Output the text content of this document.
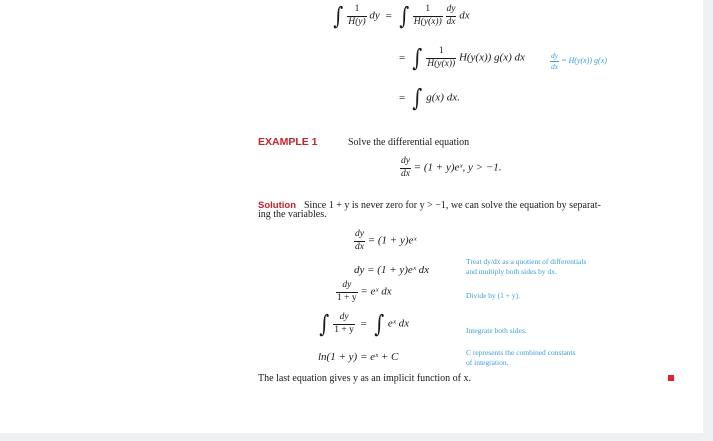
∫ $\frac{1}{H(y)}$ dy = ∫ $\frac{1}{H(y(x))}$
$\frac{dy}{dx}$ dx
= ∫ $\frac{1}{H(y(x))} H(y(x))$ g(x) dx	$\frac{dy}{dx} = H(y(x))$ g(x)
= ∫ g(x) dx.
EXAMPLE 1	Solve the differential equation
$\frac{dy}{dx} = (1$ + y)eˣ, y > −1.
Solution Since 1 + y is never zero for y > −1, we can solve the equation by separat-
ing the variables.
$\frac{dy}{dx} = (1$ + y)eˣ
dy = (1 + y)eˣ dx
$\frac{dy}{1 + y}$ = eˣ dx
∫ $\frac{dy}{1 + y}$ = ∫ eˣ dx
ln(1 + y) = eˣ + C
Treat dy/dx as a quotient of differentials
and multiply both sides by dx.
Divide by (1 + y).
Integrate both sides.
C represents the combined constants
of integration.
The last equation gives y as an implicit function of x.
